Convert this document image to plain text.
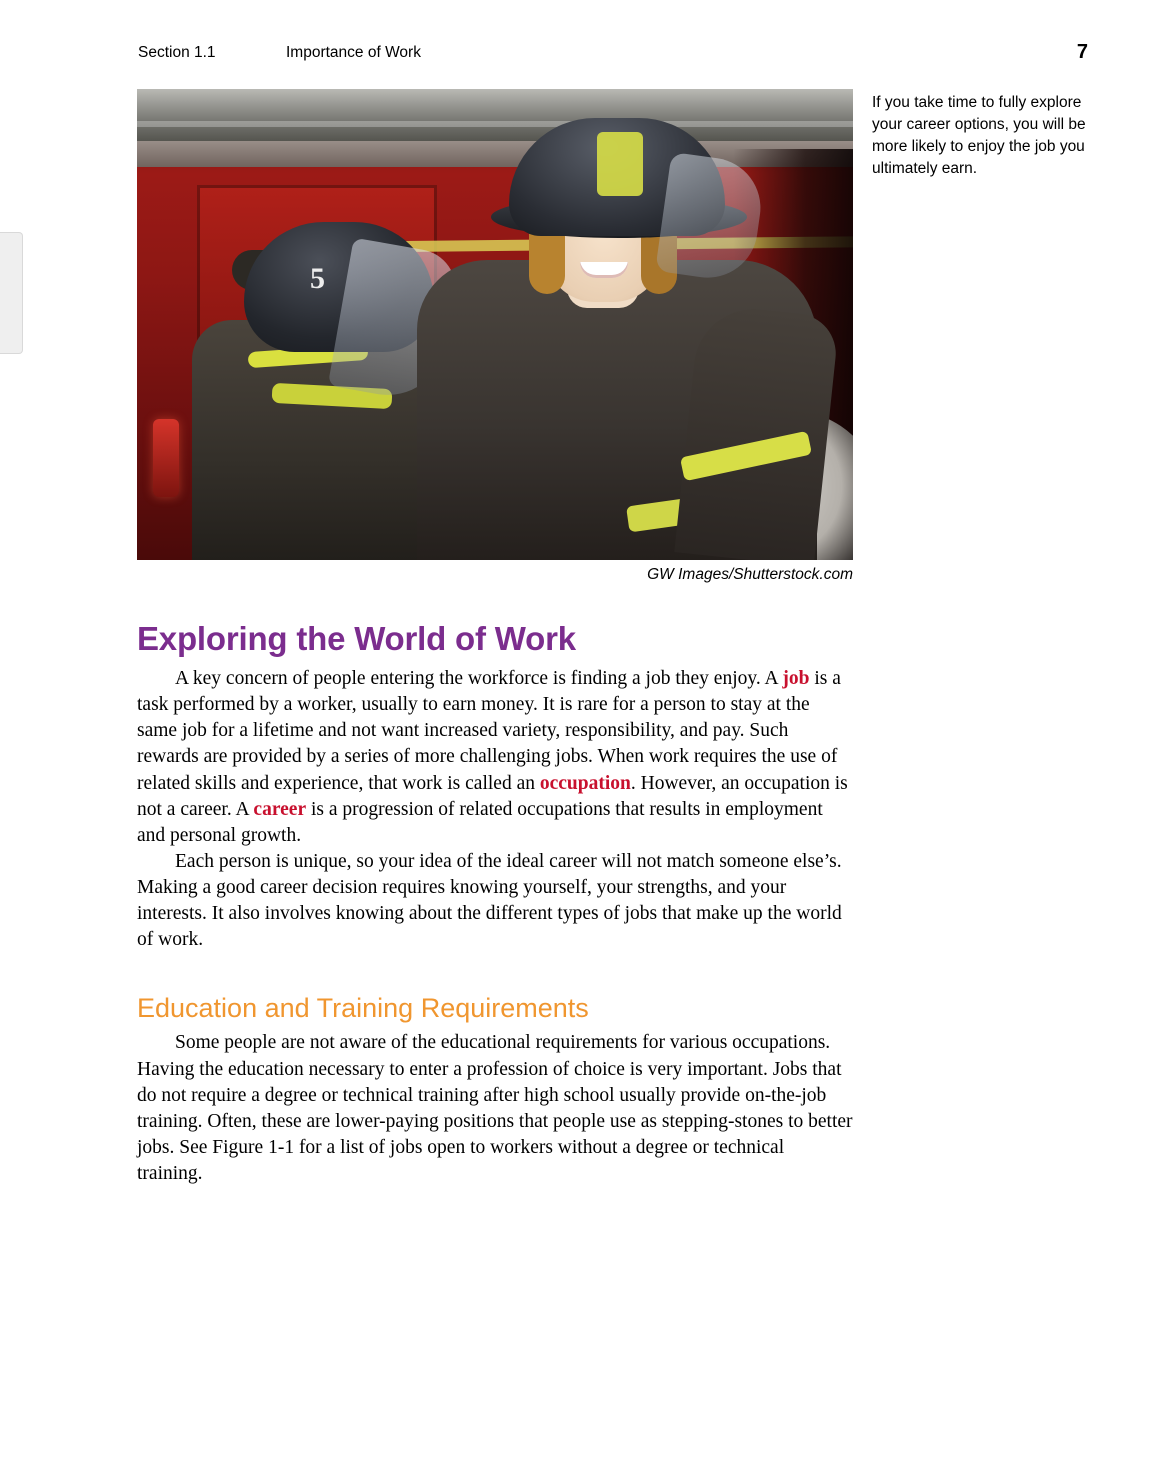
Section 1.1	Importance of Work	7
5
GW Images/Shutterstock.com
If you take time to fully explore your career options, you will be more likely to enjoy the job you ultimately earn.
Exploring the World of Work

A key concern of people entering the workforce is finding a job they enjoy. A job is a task performed by a worker, usually to earn money. It is rare for a person to stay at the same job for a lifetime and not want increased variety, responsibility, and pay. Such rewards are provided by a series of more challenging jobs. When work requires the use of related skills and experience, that work is called an occupation. However, an occupation is not a career. A career is a progression of related occupations that results in employment and personal growth.

Each person is unique, so your idea of the ideal career will not match someone else’s. Making a good career decision requires knowing yourself, your strengths, and your interests. It also involves knowing about the different types of jobs that make up the world of work.

Education and Training Requirements

Some people are not aware of the educational requirements for various occupations. Having the education necessary to enter a profession of choice is very important. Jobs that do not require a degree or technical training after high school usually provide on-the-job training. Often, these are lower-paying positions that people use as stepping-stones to better jobs. See Figure 1-1 for a list of jobs open to workers without a degree or technical training.
